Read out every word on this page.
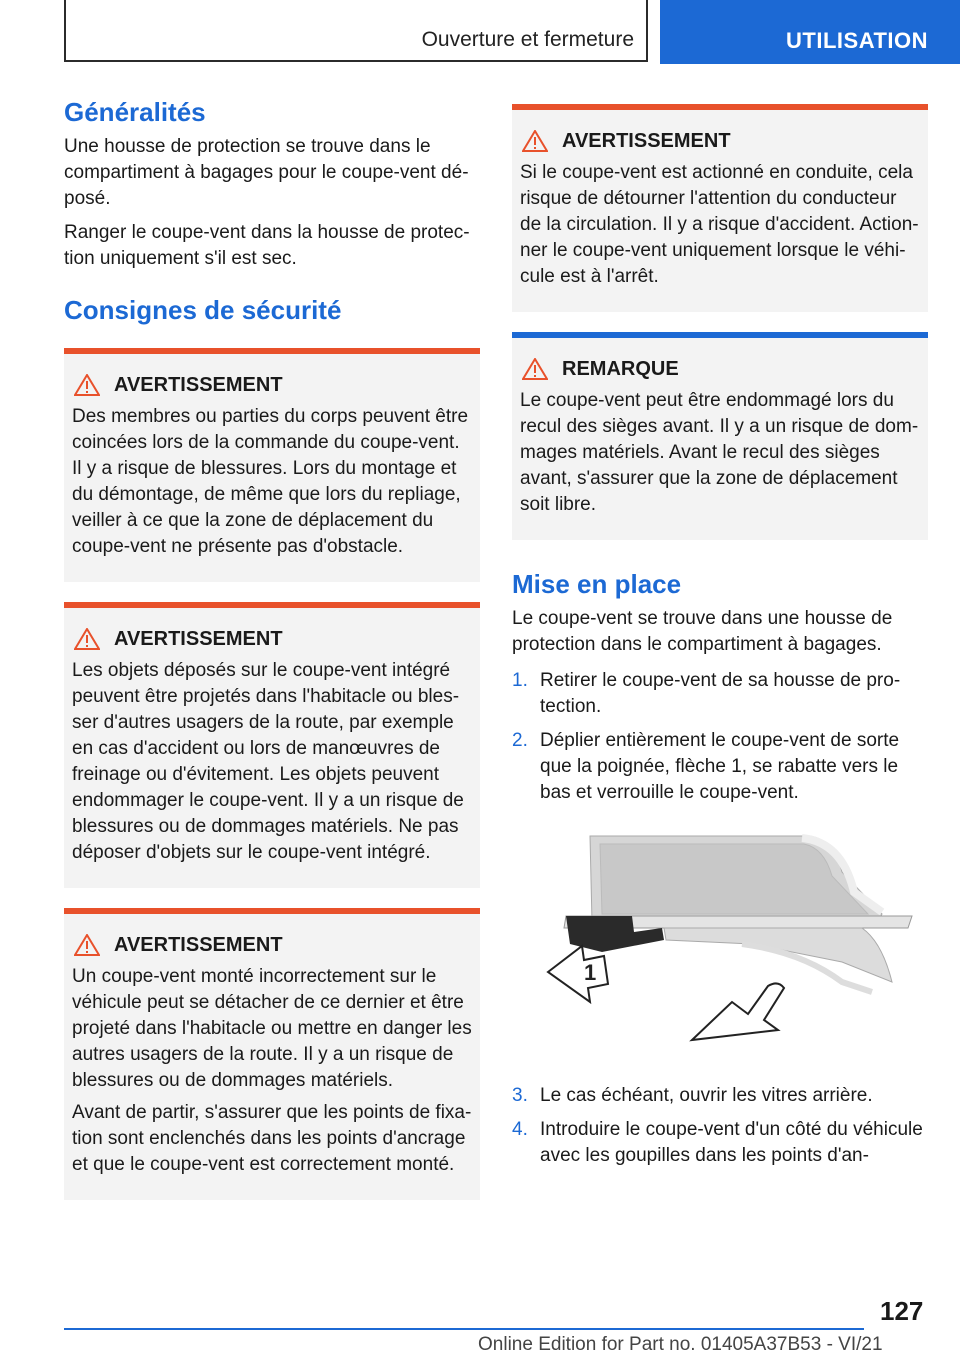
Ouverture et fermeture	UTILISATION
Généralités

Une housse de protection se trouve dans le compartiment à bagages pour le coupe-vent déposé.

Ranger le coupe-vent dans la housse de protection uniquement s'il est sec.

Consignes de sécurité
AVERTISSEMENT

Des membres ou parties du corps peuvent être coincées lors de la commande du coupe-vent. Il y a risque de blessures. Lors du montage et du démontage, de même que lors du repliage, veiller à ce que la zone de déplacement du coupe-vent ne présente pas d'obstacle.

AVERTISSEMENT

Les objets déposés sur le coupe-vent intégré peuvent être projetés dans l'habitacle ou blesser d'autres usagers de la route, par exemple en cas d'accident ou lors de manœuvres de freinage ou d'évitement. Les objets peuvent endommager le coupe-vent. Il y a un risque de blessures ou de dommages matériels. Ne pas déposer d'objets sur le coupe-vent intégré.

AVERTISSEMENT

Un coupe-vent monté incorrectement sur le véhicule peut se détacher de ce dernier et être projeté dans l'habitacle ou mettre en danger les autres usagers de la route. Il y a un risque de blessures ou de dommages matériels.

Avant de partir, s'assurer que les points de fixation sont enclenchés dans les points d'ancrage et que le coupe-vent est correctement monté.

AVERTISSEMENT

Si le coupe-vent est actionné en conduite, cela risque de détourner l'attention du conducteur de la circulation. Il y a risque d'accident. Actionner le coupe-vent uniquement lorsque le véhicule est à l'arrêt.

REMARQUE

Le coupe-vent peut être endommagé lors du recul des sièges avant. Il y a un risque de dommages matériels. Avant le recul des sièges avant, s'assurer que la zone de déplacement soit libre.

Mise en place

Le coupe-vent se trouve dans une housse de protection dans le compartiment à bagages.

1. Retirer le coupe-vent de sa housse de protection.
2. Déplier entièrement le coupe-vent de sorte que la poignée, flèche 1, se rabatte vers le bas et verrouille le coupe-vent.
1
3. Le cas échéant, ouvrir les vitres arrière.
4. Introduire le coupe-vent d'un côté du véhicule avec les goupilles dans les points d'an-
127
Online Edition for Part no. 01405A37B53 - VI/21
